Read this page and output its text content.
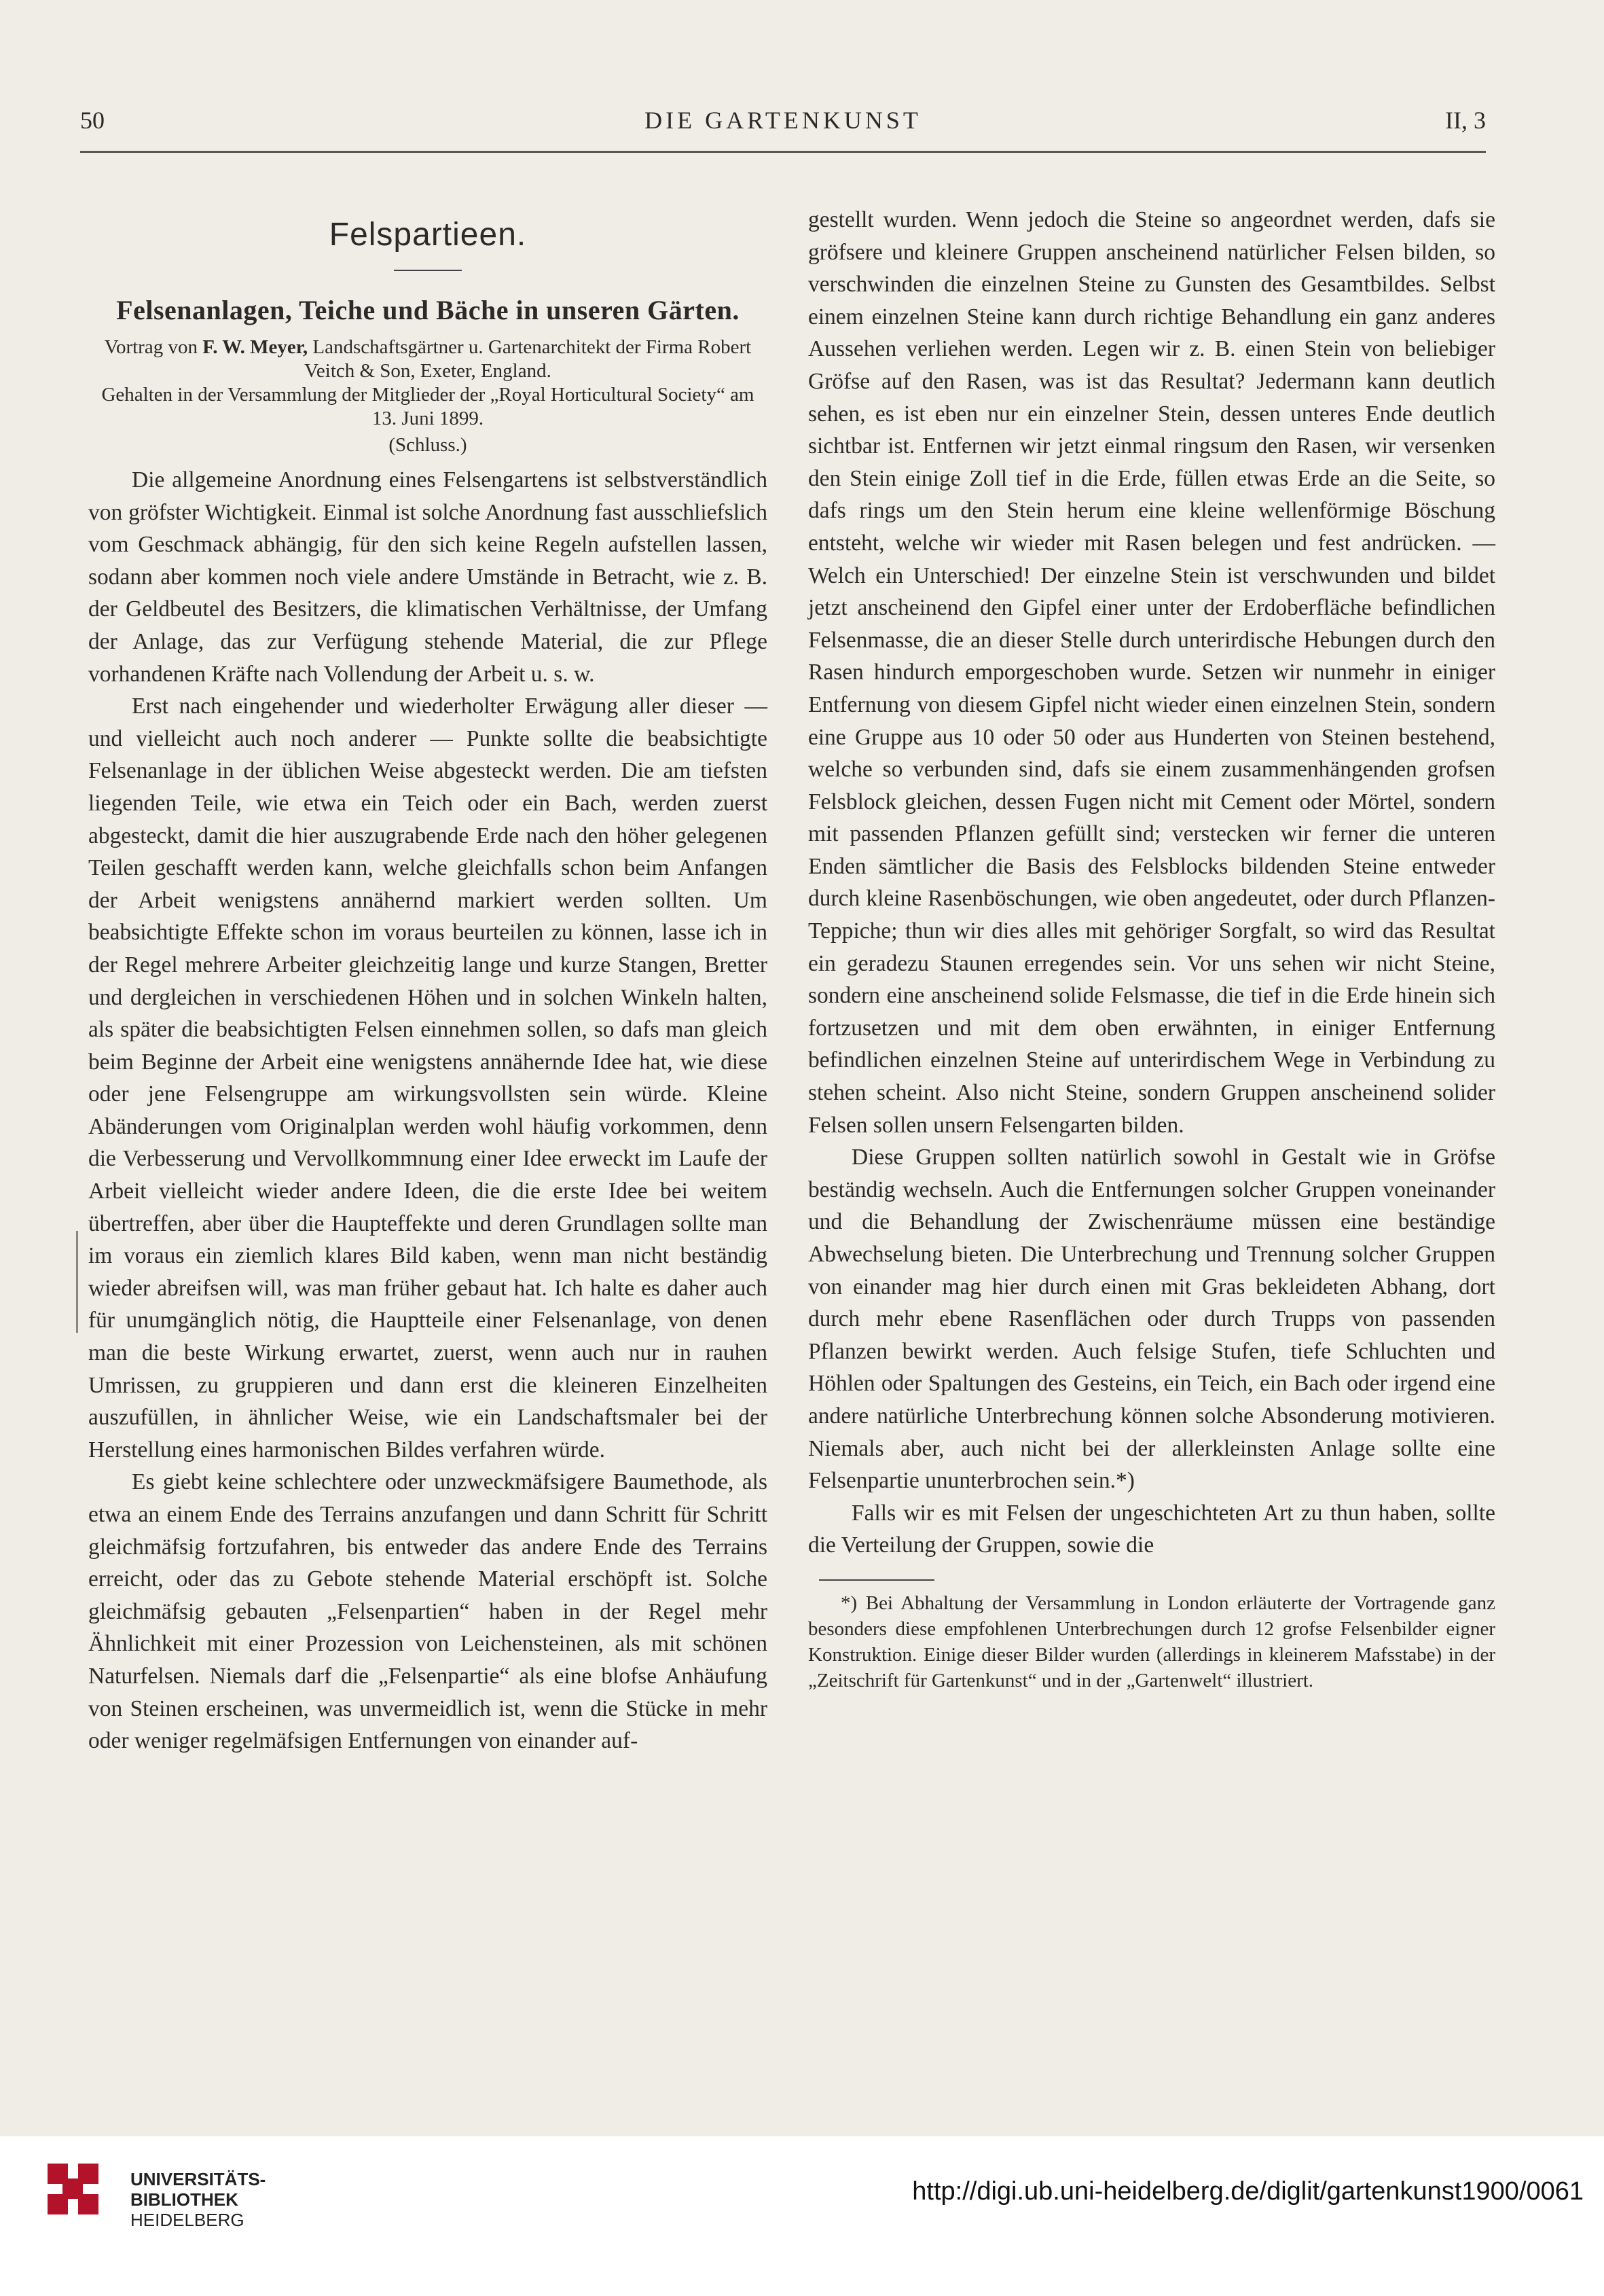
50	DIE GARTENKUNST	II, 3
Felspartieen.
Felsenanlagen, Teiche und Bäche in unseren Gärten.

Vortrag von F. W. Meyer, Landschaftsgärtner u. Gartenarchitekt der Firma Robert Veitch & Son, Exeter, England.

Gehalten in der Versammlung der Mitglieder der „Royal Horticultural Society“ am 13. Juni 1899.

(Schluss.)

Die allgemeine Anordnung eines Felsengartens ist selbstverständlich von gröfster Wichtigkeit. Einmal ist solche Anordnung fast ausschliefslich vom Geschmack abhängig, für den sich keine Regeln aufstellen lassen, sodann aber kommen noch viele andere Umstände in Betracht, wie z. B. der Geldbeutel des Besitzers, die klimatischen Verhältnisse, der Umfang der Anlage, das zur Verfügung stehende Material, die zur Pflege vorhandenen Kräfte nach Vollendung der Arbeit u. s. w.

Erst nach eingehender und wiederholter Erwägung aller dieser — und vielleicht auch noch anderer — Punkte sollte die beabsichtigte Felsenanlage in der üblichen Weise abgesteckt werden. Die am tiefsten liegenden Teile, wie etwa ein Teich oder ein Bach, werden zuerst abgesteckt, damit die hier auszugrabende Erde nach den höher gelegenen Teilen geschafft werden kann, welche gleichfalls schon beim Anfangen der Arbeit wenigstens annähernd markiert werden sollten. Um beabsichtigte Effekte schon im voraus beurteilen zu können, lasse ich in der Regel mehrere Arbeiter gleichzeitig lange und kurze Stangen, Bretter und dergleichen in verschiedenen Höhen und in solchen Winkeln halten, als später die beabsichtigten Felsen einnehmen sollen, so dafs man gleich beim Beginne der Arbeit eine wenigstens annähernde Idee hat, wie diese oder jene Felsengruppe am wirkungsvollsten sein würde. Kleine Abänderungen vom Originalplan werden wohl häufig vorkommen, denn die Verbesserung und Vervollkommnung einer Idee erweckt im Laufe der Arbeit vielleicht wieder andere Ideen, die die erste Idee bei weitem übertreffen, aber über die Haupteffekte und deren Grundlagen sollte man im voraus ein ziemlich klares Bild kaben, wenn man nicht beständig wieder abreifsen will, was man früher gebaut hat. Ich halte es daher auch für unumgänglich nötig, die Hauptteile einer Felsenanlage, von denen man die beste Wirkung erwartet, zuerst, wenn auch nur in rauhen Umrissen, zu gruppieren und dann erst die kleineren Einzelheiten auszufüllen, in ähnlicher Weise, wie ein Landschaftsmaler bei der Herstellung eines harmonischen Bildes verfahren würde.

Es giebt keine schlechtere oder unzweckmäfsigere Baumethode, als etwa an einem Ende des Terrains anzufangen und dann Schritt für Schritt gleichmäfsig fortzufahren, bis entweder das andere Ende des Terrains erreicht, oder das zu Gebote stehende Material erschöpft ist. Solche gleichmäfsig gebauten „Felsenpartien“ haben in der Regel mehr Ähnlichkeit mit einer Prozession von Leichensteinen, als mit schönen Naturfelsen. Niemals darf die „Felsenpartie“ als eine blofse Anhäufung von Steinen erscheinen, was unvermeidlich ist, wenn die Stücke in mehr oder weniger regelmäfsigen Entfernungen von einander auf-

gestellt wurden. Wenn jedoch die Steine so angeordnet werden, dafs sie gröfsere und kleinere Gruppen anscheinend natürlicher Felsen bilden, so verschwinden die einzelnen Steine zu Gunsten des Gesamtbildes. Selbst einem einzelnen Steine kann durch richtige Behandlung ein ganz anderes Aussehen verliehen werden. Legen wir z. B. einen Stein von beliebiger Gröfse auf den Rasen, was ist das Resultat? Jedermann kann deutlich sehen, es ist eben nur ein einzelner Stein, dessen unteres Ende deutlich sichtbar ist. Entfernen wir jetzt einmal ringsum den Rasen, wir versenken den Stein einige Zoll tief in die Erde, füllen etwas Erde an die Seite, so dafs rings um den Stein herum eine kleine wellenförmige Böschung entsteht, welche wir wieder mit Rasen belegen und fest andrücken. — Welch ein Unterschied! Der einzelne Stein ist verschwunden und bildet jetzt anscheinend den Gipfel einer unter der Erdoberfläche befindlichen Felsenmasse, die an dieser Stelle durch unterirdische Hebungen durch den Rasen hindurch emporgeschoben wurde. Setzen wir nunmehr in einiger Entfernung von diesem Gipfel nicht wieder einen einzelnen Stein, sondern eine Gruppe aus 10 oder 50 oder aus Hunderten von Steinen bestehend, welche so verbunden sind, dafs sie einem zusammenhängenden grofsen Felsblock gleichen, dessen Fugen nicht mit Cement oder Mörtel, sondern mit passenden Pflanzen gefüllt sind; verstecken wir ferner die unteren Enden sämtlicher die Basis des Felsblocks bildenden Steine entweder durch kleine Rasenböschungen, wie oben angedeutet, oder durch Pflanzen-Teppiche; thun wir dies alles mit gehöriger Sorgfalt, so wird das Resultat ein geradezu Staunen erregendes sein. Vor uns sehen wir nicht Steine, sondern eine anscheinend solide Felsmasse, die tief in die Erde hinein sich fortzusetzen und mit dem oben erwähnten, in einiger Entfernung befindlichen einzelnen Steine auf unterirdischem Wege in Verbindung zu stehen scheint. Also nicht Steine, sondern Gruppen anscheinend solider Felsen sollen unsern Felsengarten bilden.

Diese Gruppen sollten natürlich sowohl in Gestalt wie in Gröfse beständig wechseln. Auch die Entfernungen solcher Gruppen voneinander und die Behandlung der Zwischenräume müssen eine beständige Abwechselung bieten. Die Unterbrechung und Trennung solcher Gruppen von einander mag hier durch einen mit Gras bekleideten Abhang, dort durch mehr ebene Rasenflächen oder durch Trupps von passenden Pflanzen bewirkt werden. Auch felsige Stufen, tiefe Schluchten und Höhlen oder Spaltungen des Gesteins, ein Teich, ein Bach oder irgend eine andere natürliche Unterbrechung können solche Absonderung motivieren. Niemals aber, auch nicht bei der allerkleinsten Anlage sollte eine Felsenpartie ununterbrochen sein.*)

Falls wir es mit Felsen der ungeschichteten Art zu thun haben, sollte die Verteilung der Gruppen, sowie die

*) Bei Abhaltung der Versammlung in London erläuterte der Vortragende ganz besonders diese empfohlenen Unterbrechungen durch 12 grofse Felsenbilder eigner Konstruktion. Einige dieser Bilder wurden (allerdings in kleinerem Mafsstabe) in der „Zeitschrift für Gartenkunst“ und in der „Gartenwelt“ illustriert.

UNIVERSITÄTS-
BIBLIOTHEK
HEIDELBERG
http://digi.ub.uni-heidelberg.de/diglit/gartenkunst1900/0061
